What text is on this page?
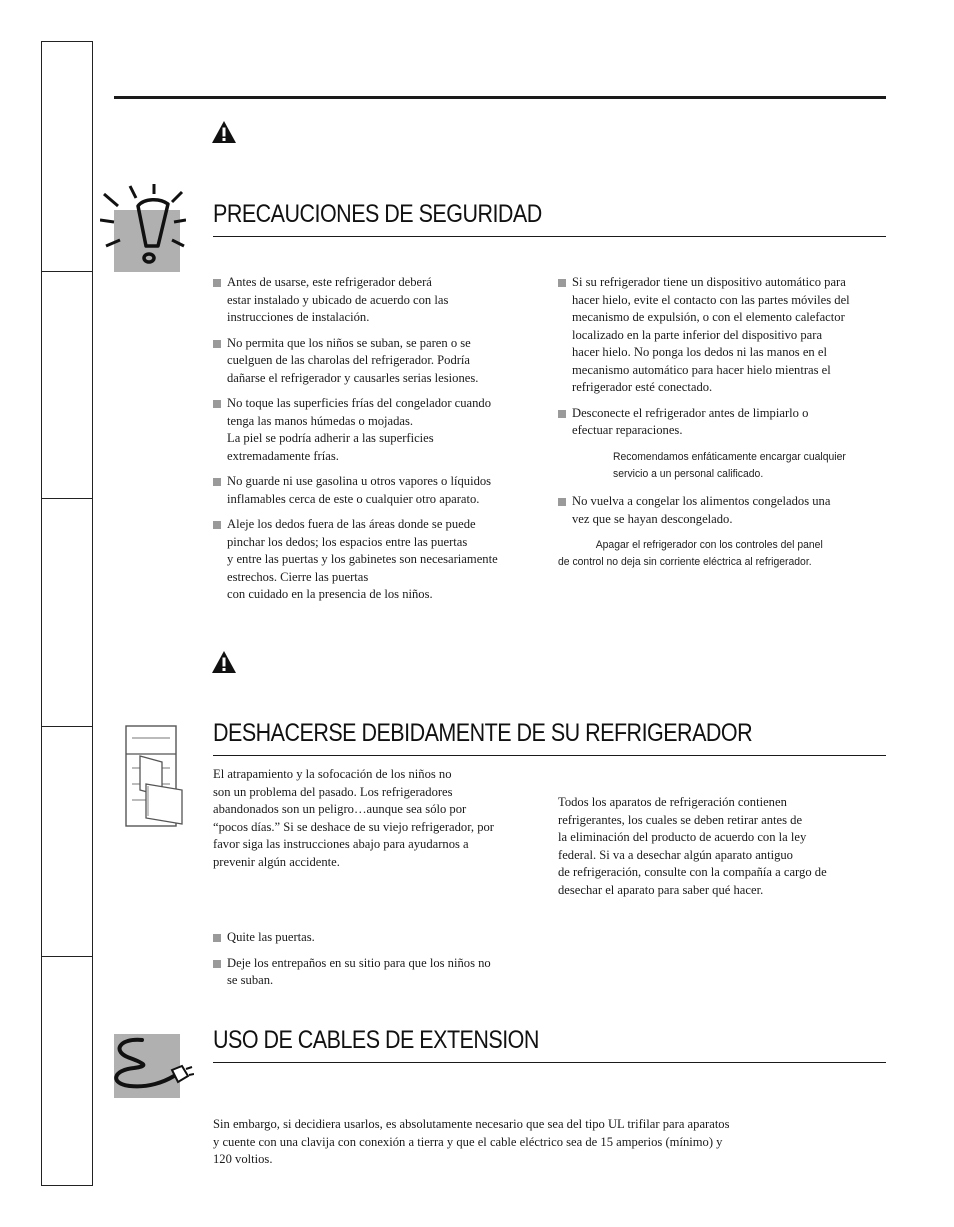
PRECAUCIONES DE SEGURIDAD
Antes de usarse, este refrigerador deberá
estar instalado y ubicado de acuerdo con las
instrucciones de instalación.
No permita que los niños se suban, se paren o se
cuelguen de las charolas del refrigerador. Podría
dañarse el refrigerador y causarles serias lesiones.
No toque las superficies frías del congelador cuando
tenga las manos húmedas o mojadas.
La piel se podría adherir a las superficies
extremadamente frías.
No guarde ni use gasolina u otros vapores o líquidos
inflamables cerca de este o cualquier otro aparato.
Aleje los dedos fuera de las áreas donde se puede
pinchar los dedos; los espacios entre las puertas
y entre las puertas y los gabinetes son necesariamente
estrechos. Cierre las puertas
con cuidado en la presencia de los niños.
Si su refrigerador tiene un dispositivo automático para
hacer hielo, evite el contacto con las partes móviles del
mecanismo de expulsión, o con el elemento calefactor
localizado en la parte inferior del dispositivo para
hacer hielo. No ponga los dedos ni las manos en el
mecanismo automático para hacer hielo mientras el
refrigerador esté conectado.
Desconecte el refrigerador antes de limpiarlo o
efectuar reparaciones.
Recomendamos enfáticamente encargar cualquier
servicio a un personal calificado.
No vuelva a congelar los alimentos congelados una
vez que se hayan descongelado.
Apagar el refrigerador con los controles del panel
de control no deja sin corriente eléctrica al refrigerador.
DESHACERSE DEBIDAMENTE DE SU REFRIGERADOR
El atrapamiento y la sofocación de los niños no
son un problema del pasado. Los refrigeradores
abandonados son un peligro…aunque sea sólo por
“pocos días.” Si se deshace de su viejo refrigerador, por
favor siga las instrucciones abajo para ayudarnos a
prevenir algún accidente.
Todos los aparatos de refrigeración contienen
refrigerantes, los cuales se deben retirar antes de
la eliminación del producto de acuerdo con la ley
federal. Si va a desechar algún aparato antiguo
de refrigeración, consulte con la compañía a cargo de
desechar el aparato para saber qué hacer.
Quite las puertas.
Deje los entrepaños en su sitio para que los niños no
se suban.
USO DE CABLES DE EXTENSION
Sin embargo, si decidiera usarlos, es absolutamente necesario que sea del tipo UL trifilar para aparatos
y cuente con una clavija con conexión a tierra y que el cable eléctrico sea de 15 amperios (mínimo) y
120 voltios.
